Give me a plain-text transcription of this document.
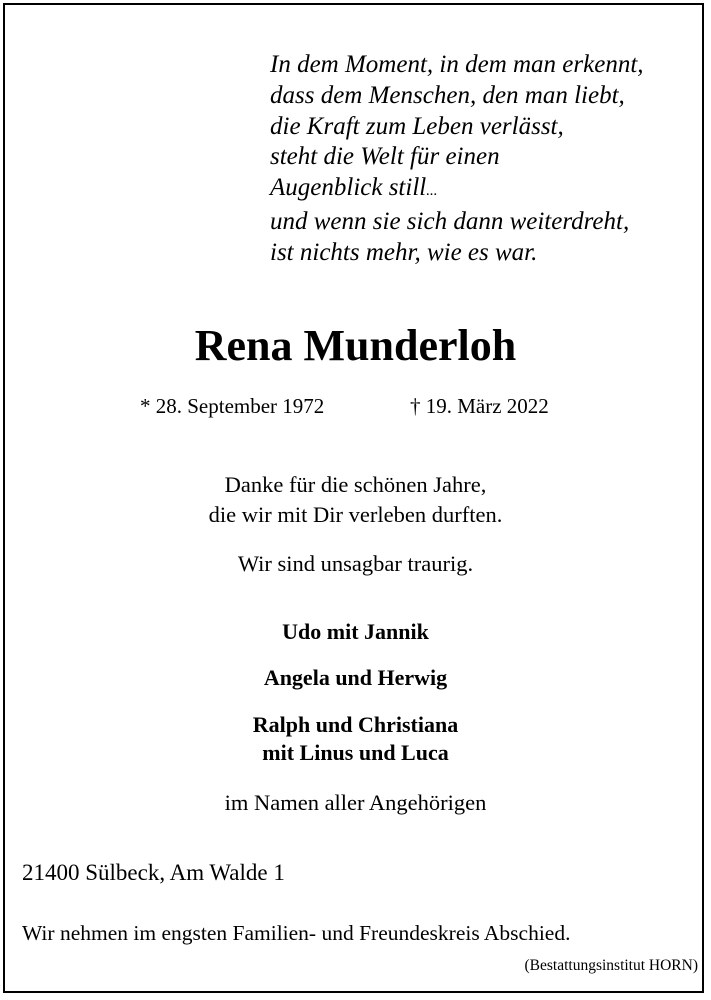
In dem Moment, in dem man erkennt,
dass dem Menschen, den man liebt,
die Kraft zum Leben verlässt,
steht die Welt für einen
Augenblick still...
und wenn sie sich dann weiterdreht,
ist nichts mehr, wie es war.
Rena Munderloh
* 28. September 1972	† 19. März 2022
Danke für die schönen Jahre,
die wir mit Dir verleben durften.
Wir sind unsagbar traurig.
Udo mit Jannik
Angela und Herwig
Ralph und Christiana
mit Linus und Luca
im Namen aller Angehörigen
21400 Sülbeck, Am Walde 1
Wir nehmen im engsten Familien- und Freundeskreis Abschied.
(Bestattungsinstitut HORN)
